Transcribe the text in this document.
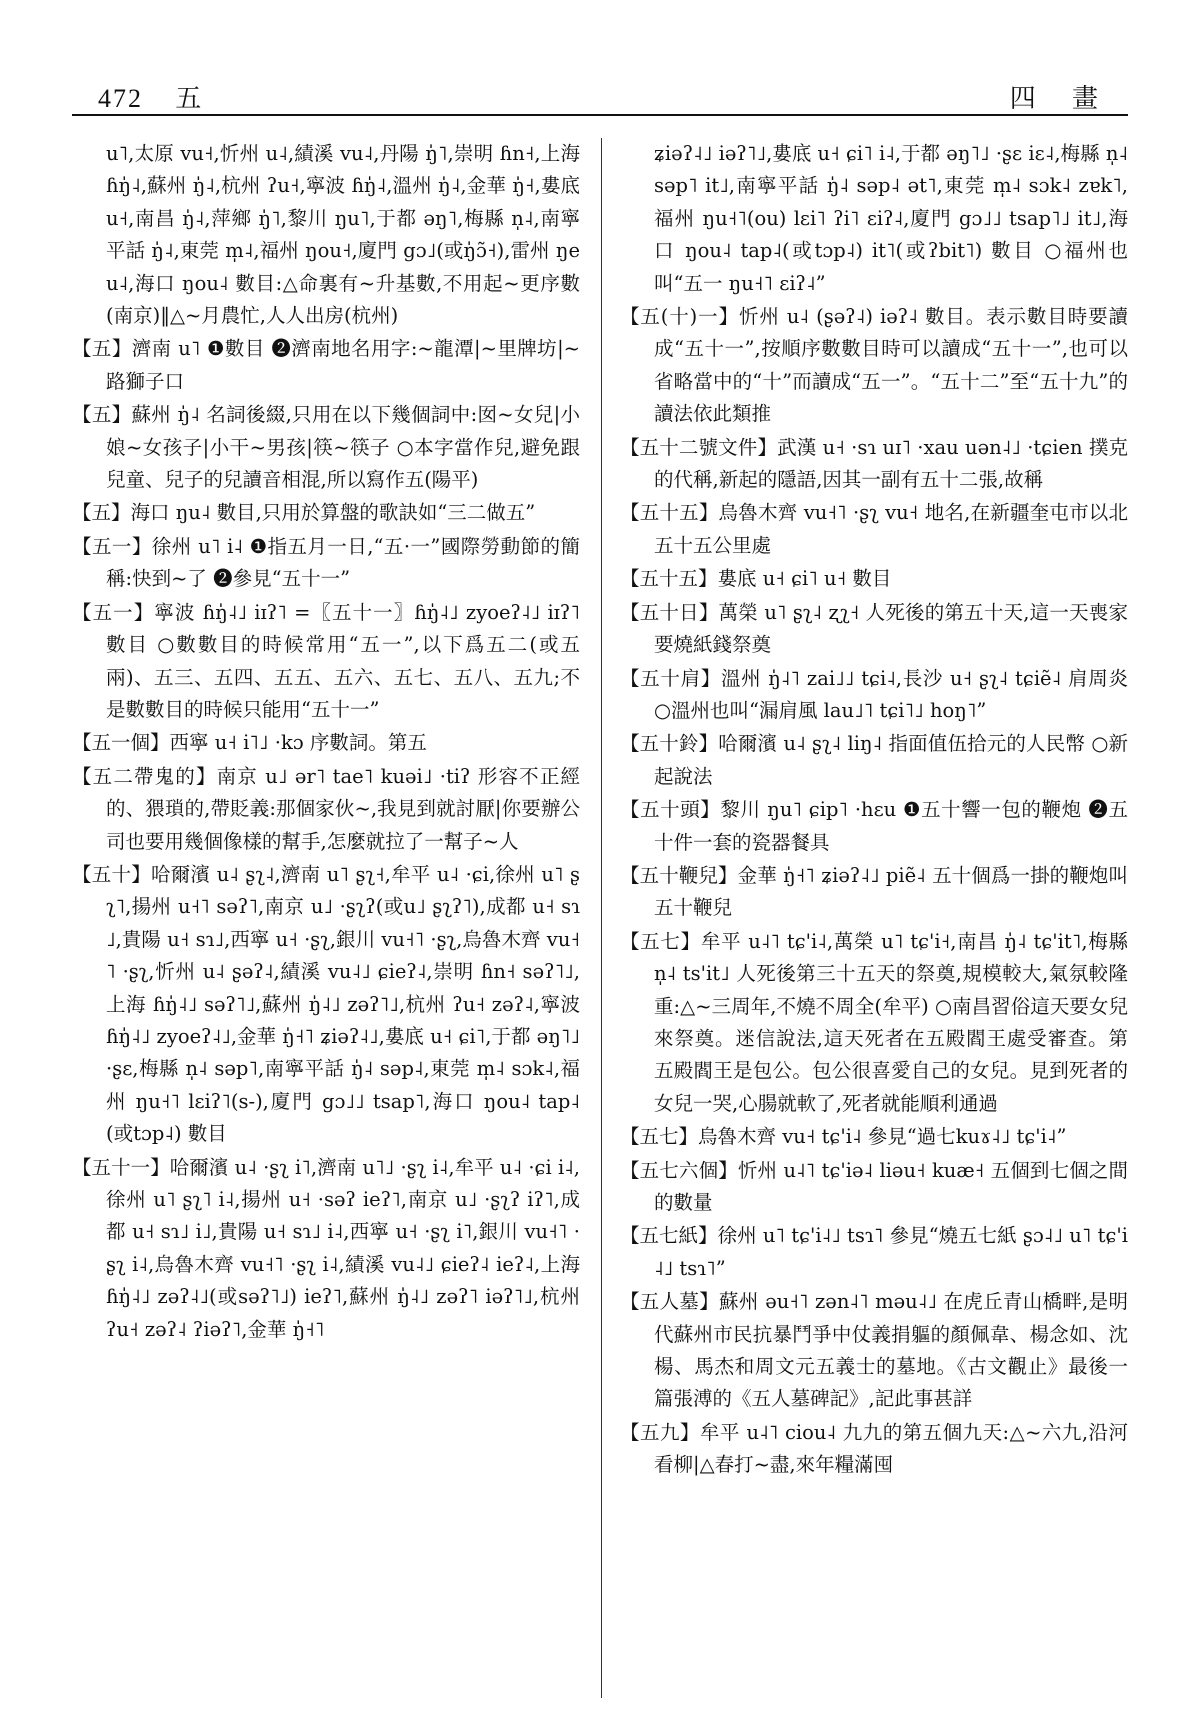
472 五	四 畫

u˥,太原 vu˧,忻州 u˨,績溪 vu˨,丹陽 ŋ̍˥,崇明 ɦn˧,上海 ɦŋ̍˨,蘇州 ŋ̍˨,杭州 ʔu˧,寧波 ɦŋ̍˨,溫州 ŋ̍˨,金華 ŋ̍˧,婁底 u˧,南昌 ŋ̍˨,萍鄉 ŋ̍˥,黎川 ŋu˥,于都 əŋ˥,梅縣 n̩˨,南寧平話 ŋ̍˨,東莞 m̩˨,福州 ŋou˧,廈門 gɔ˩(或ŋ̍ɔ̃˧),雷州 ŋeu˨,海口 ŋou˨ 數目:△命裏有~升基數,不用起~更序數(南京)‖△~月農忙,人人出房(杭州)

【五】濟南 u˥ ❶數目 ❷濟南地名用字:~龍潭|~里牌坊|~路獅子口

【五】蘇州 ŋ̍˨ 名詞後綴,只用在以下幾個詞中:囡~女兒|小娘~女孩子|小干~男孩|筷~筷子 ○本字當作兒,避免跟兒童、兒子的兒讀音相混,所以寫作五(陽平)

【五】海口 ŋu˨ 數目,只用於算盤的歌訣如“三二做五”

【五一】徐州 u˥ i˨ ❶指五月一日,“五·一”國際勞動節的簡稱:快到~了 ❷參見“五十一”

【五一】寧波 ɦŋ̍˨˩ iɪʔ˥ =〖五十一〗ɦŋ̍˨˩ zyoeʔ˨˩ iɪʔ˥ 數目 ○數數目的時候常用“五一”,以下爲五二(或五兩)、五三、五四、五五、五六、五七、五八、五九;不是數數目的時候只能用“五十一”

【五一個】西寧 u˧ i˥˩ ·kɔ 序數詞。第五

【五二帶鬼的】南京 u˩ ər˥ tae˥ kuəi˩ ·tiʔ 形容不正經的、猥瑣的,帶貶義:那個家伙~,我見到就討厭|你要辦公司也要用幾個像樣的幫手,怎麼就拉了一幫子~人

【五十】哈爾濱 u˨ ʂʅ˨,濟南 u˥ ʂʅ˧,牟平 u˨ ·ɕi,徐州 u˥ ʂʅ˥,揚州 u˧˥ səʔ˥,南京 u˩ ·ʂʅʔ(或u˩ ʂʅʔ˥),成都 u˧ sɿ˩,貴陽 u˧ sɿ˩,西寧 u˧ ·ʂʅ,銀川 vu˧˥ ·ʂʅ,烏魯木齊 vu˧˥ ·ʂʅ,忻州 u˨ ʂəʔ˨,績溪 vu˨˩ ɕieʔ˨,崇明 ɦn˧ səʔ˥˩,上海 ɦŋ̍˨˩ səʔ˥˩,蘇州 ŋ̍˨˩ zəʔ˥˩,杭州 ʔu˧ zəʔ˨,寧波 ɦŋ̍˨˩ zyoeʔ˨˩,金華 ŋ̍˧˥ ʑiəʔ˨˩,婁底 u˧ ɕi˥,于都 əŋ˥˩ ·ʂɛ,梅縣 n̩˨ səp˥,南寧平話 ŋ̍˨ səp˨,東莞 m̩˨ sɔk˨,福州 ŋu˧˥ lɛiʔ˥(s-),廈門 gɔ˩˩ tsap˥,海口 ŋou˨ tap˨(或tɔp˨) 數目

【五十一】哈爾濱 u˨ ·ʂʅ i˥,濟南 u˥˩ ·ʂʅ i˨,牟平 u˨ ·ɕi i˨,徐州 u˥ ʂʅ˥ i˨,揚州 u˧ ·səʔ ieʔ˥,南京 u˩ ·ʂʅʔ iʔ˥,成都 u˧ sɿ˩ i˩,貴陽 u˧ sɿ˩ i˨,西寧 u˧ ·ʂʅ i˥,銀川 vu˧˥ ·ʂʅ i˨,烏魯木齊 vu˧˥ ·ʂʅ i˨,績溪 vu˨˩ ɕieʔ˨ ieʔ˨,上海 ɦŋ̍˨˩ zəʔ˨˩(或səʔ˥˩) ieʔ˥,蘇州 ŋ̍˨˩ zəʔ˥ iəʔ˥˩,杭州 ʔu˧ zəʔ˨ ʔiəʔ˥,金華 ŋ̍˧˥

ʑiəʔ˨˩ iəʔ˥˩,婁底 u˧ ɕi˥ i˨,于都 əŋ˥˩ ·ʂɛ iɛ˨,梅縣 n̩˨ səp˥ it˩,南寧平話 ŋ̍˨ səp˨ ət˥,東莞 m̩˨ sɔk˨ zɐk˥,福州 ŋu˧˥(ou) lɛi˥ ʔi˥ ɛiʔ˨,廈門 gɔ˩˩ tsap˥˩ it˩,海口 ŋou˨ tap˨(或tɔp˨) it˥(或ʔbit˥) 數目 ○福州也叫“五一 ŋu˧˥ ɛiʔ˨”

【五(十)一】忻州 u˨ (ʂəʔ˨) iəʔ˨ 數目。表示數目時要讀成“五十一”,按順序數數目時可以讀成“五十一”,也可以省略當中的“十”而讀成“五一”。“五十二”至“五十九”的讀法依此類推

【五十二號文件】武漢 u˧ ·sɿ uɪ˥ ·xau uən˨˩ ·tɕien 撲克的代稱,新起的隱語,因其一副有五十二張,故稱

【五十五】烏魯木齊 vu˧˥ ·ʂʅ vu˧ 地名,在新疆奎屯市以北五十五公里處

【五十五】婁底 u˧ ɕi˥ u˧ 數目

【五十日】萬榮 u˥ ʂʅ˨ ʐʅ˧ 人死後的第五十天,這一天喪家要燒紙錢祭奠

【五十肩】溫州 ŋ̍˨˥ zai˩˩ tɕi˨,長沙 u˧ ʂʅ˨ tɕiẽ˨ 肩周炎 ○溫州也叫“漏肩風 lau˩˥ tɕi˥˩ hoŋ˥”

【五十鈴】哈爾濱 u˨ ʂʅ˨ liŋ˨ 指面值伍拾元的人民幣 ○新起說法

【五十頭】黎川 ŋu˥ ɕip˥ ·hɛu ❶五十響一包的鞭炮 ❷五十件一套的瓷器餐具

【五十鞭兒】金華 ŋ̍˧˥ ʑiəʔ˨˩ piẽ˨ 五十個爲一掛的鞭炮叫五十鞭兒

【五七】牟平 u˨˥ tɕ'i˨,萬榮 u˥ tɕ'i˧,南昌 ŋ̍˨ tɕ'it˥,梅縣 n̩˨ ts'it˩ 人死後第三十五天的祭奠,規模較大,氣氛較隆重:△~三周年,不燒不周全(牟平) ○南昌習俗這天要女兒來祭奠。迷信說法,這天死者在五殿閻王處受審查。第五殿閻王是包公。包公很喜愛自己的女兒。見到死者的女兒一哭,心腸就軟了,死者就能順利通過

【五七】烏魯木齊 vu˧ tɕ'i˨ 參見“過七kuɤ˨˩ tɕ'i˨”

【五七六個】忻州 u˨˥ tɕ'iə˨ liəu˧ kuæ˧ 五個到七個之間的數量

【五七紙】徐州 u˥ tɕ'i˨˩ tsɿ˥ 參見“燒五七紙 ʂɔ˨˩ u˥ tɕ'i˨˩ tsɿ˥”

【五人墓】蘇州 əu˧˥ zən˨˥ məu˨˩ 在虎丘青山橋畔,是明代蘇州市民抗暴鬥爭中仗義捐軀的顏佩韋、楊念如、沈楊、馬杰和周文元五義士的墓地。《古文觀止》最後一篇張溥的《五人墓碑記》,記此事甚詳

【五九】牟平 u˨˥ ciou˨ 九九的第五個九天:△~六九,沿河看柳|△春打~盡,來年糧滿囤
